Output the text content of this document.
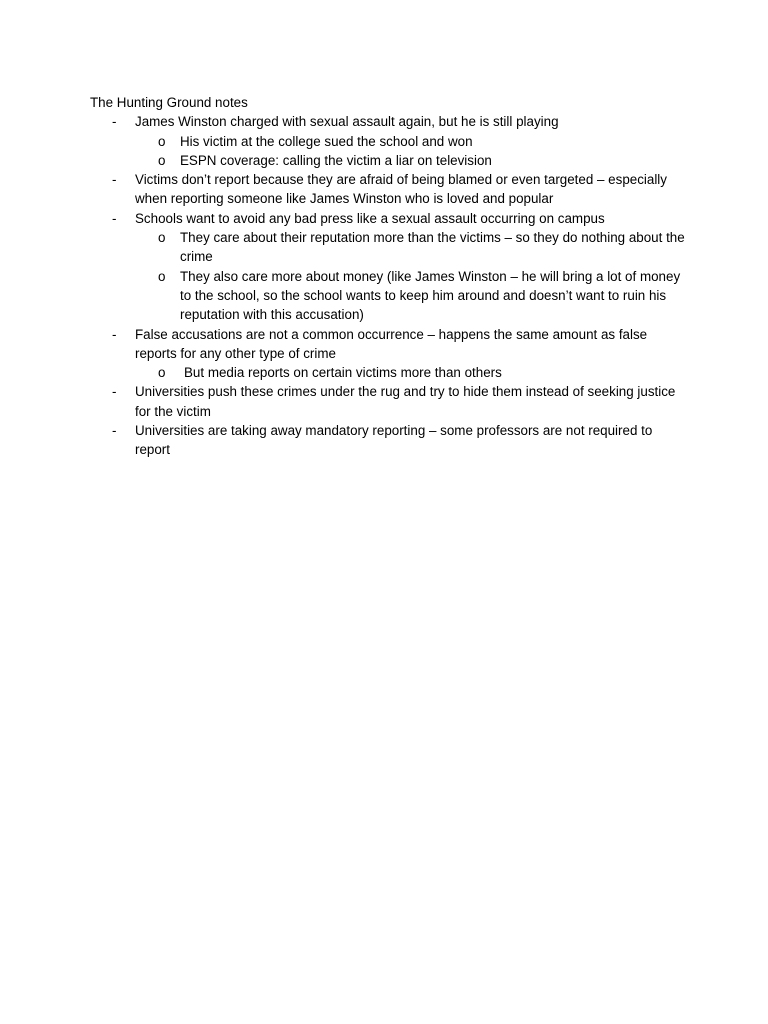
The Hunting Ground notes

- James Winston charged with sexual assault again, but he is still playing
o His victim at the college sued the school and won
o ESPN coverage: calling the victim a liar on television
- Victims don’t report because they are afraid of being blamed or even targeted – especially when reporting someone like James Winston who is loved and popular
- Schools want to avoid any bad press like a sexual assault occurring on campus
o They care about their reputation more than the victims – so they do nothing about the crime
o They also care more about money (like James Winston – he will bring a lot of money to the school, so the school wants to keep him around and doesn’t want to ruin his reputation with this accusation)
- False accusations are not a common occurrence – happens the same amount as false reports for any other type of crime
o But media reports on certain victims more than others
- Universities push these crimes under the rug and try to hide them instead of seeking justice for the victim
- Universities are taking away mandatory reporting – some professors are not required to report
